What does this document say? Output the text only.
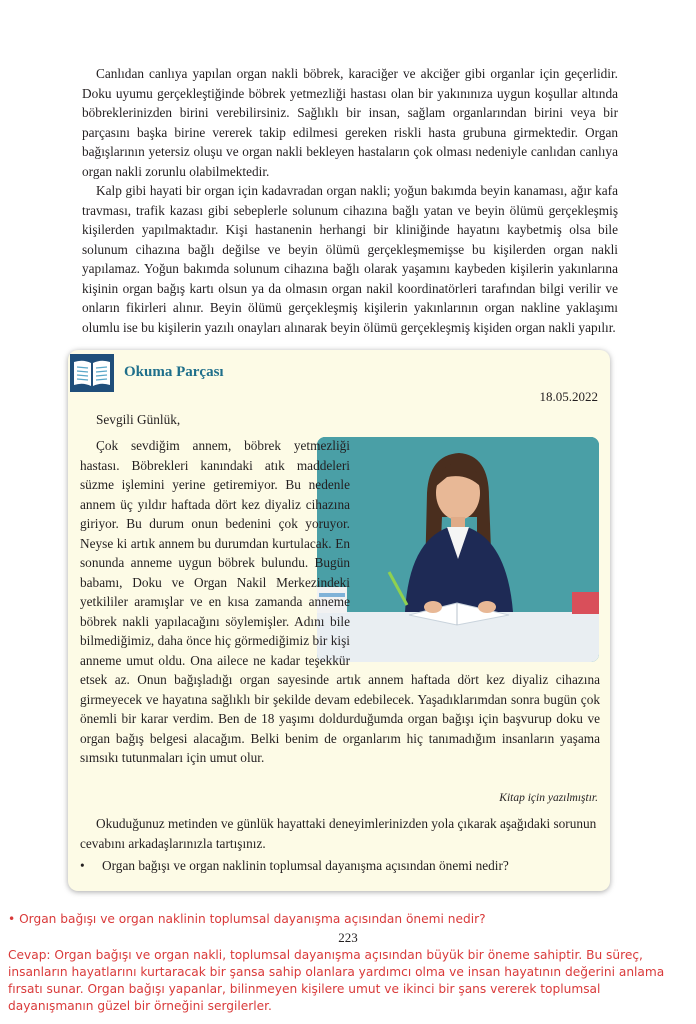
Canlıdan canlıya yapılan organ nakli böbrek, karaciğer ve akciğer gibi organlar için geçerlidir. Doku uyumu gerçekleştiğinde böbrek yetmezliği hastası olan bir yakınınıza uygun koşullar altında böbreklerinizden birini verebilirsiniz. Sağlıklı bir insan, sağlam organlarından birini veya bir parçasını başka birine vererek takip edilmesi gereken riskli hasta grubuna girmektedir. Organ bağışlarının yetersiz oluşu ve organ nakli bekleyen hastaların çok olması nedeniyle canlıdan canlıya organ nakli zorunlu olabilmektedir.

Kalp gibi hayati bir organ için kadavradan organ nakli; yoğun bakımda beyin kanaması, ağır kafa travması, trafik kazası gibi sebeplerle solunum cihazına bağlı yatan ve beyin ölümü gerçekleşmiş kişilerden yapılmaktadır. Kişi hastanenin herhangi bir kliniğinde hayatını kaybetmiş olsa bile solunum cihazına bağlı değilse ve beyin ölümü gerçekleşmemişse bu kişilerden organ nakli yapılamaz. Yoğun bakımda solunum cihazına bağlı olarak yaşamını kaybeden kişilerin yakınlarına kişinin organ bağış kartı olsun ya da olmasın organ nakil koordinatörleri tarafından bilgi verilir ve onların fikirleri alınır. Beyin ölümü gerçekleşmiş kişilerin yakınlarının organ nakline yaklaşımı olumlu ise bu kişilerin yazılı onayları alınarak beyin ölümü gerçekleşmiş kişiden organ nakli yapılır.

Okuma Parçası
18.05.2022
Sevgili Günlük,

Çok sevdiğim annem, böbrek yetmezliği hastası. Böbrekleri kanındaki atık maddeleri süzme işlemini yerine getiremiyor. Bu nedenle annem üç yıldır haftada dört kez diyaliz cihazına giriyor. Bu durum onun bedenini çok yoruyor. Neyse ki artık annem bu durumdan kurtulacak. En sonunda anneme uygun böbrek bulundu. Bugün babamı, Doku ve Organ Nakil Merkezindeki yetkililer aramışlar ve en kısa zamanda anneme böbrek nakli yapılacağını söylemişler. Adını bile bilmediğimiz, daha önce hiç görmediğimiz bir kişi anneme umut oldu. Ona ailece ne kadar teşekkür etsek az. Onun bağışladığı organ sayesinde artık annem haftada dört kez diyaliz cihazına girmeyecek ve hayatına sağlıklı bir şekilde devam edebilecek. Yaşadıklarımdan sonra bugün çok önemli bir karar verdim. Ben de 18 yaşımı doldurduğumda organ bağışı için başvurup doku ve organ bağış belgesi alacağım. Belki benim de organlarım hiç tanımadığım insanların yaşama sımsıkı tutunmaları için umut olur.

Kitap için yazılmıştır.

Okuduğunuz metinden ve günlük hayattaki deneyimlerinizden yola çıkarak aşağıdaki sorunun cevabını arkadaşlarınızla tartışınız.

• Organ bağışı ve organ naklinin toplumsal dayanışma açısından önemi nedir?
• Organ bağışı ve organ naklinin toplumsal dayanışma açısından önemi nedir?
223

Cevap: Organ bağışı ve organ nakli, toplumsal dayanışma açısından büyük bir öneme sahiptir. Bu süreç, insanların hayatlarını kurtaracak bir şansa sahip olanlara yardımcı olma ve insan hayatının değerini anlama fırsatı sunar. Organ bağışı yapanlar, bilinmeyen kişilere umut ve ikinci bir şans vererek toplumsal dayanışmanın güzel bir örneğini sergilerler.
